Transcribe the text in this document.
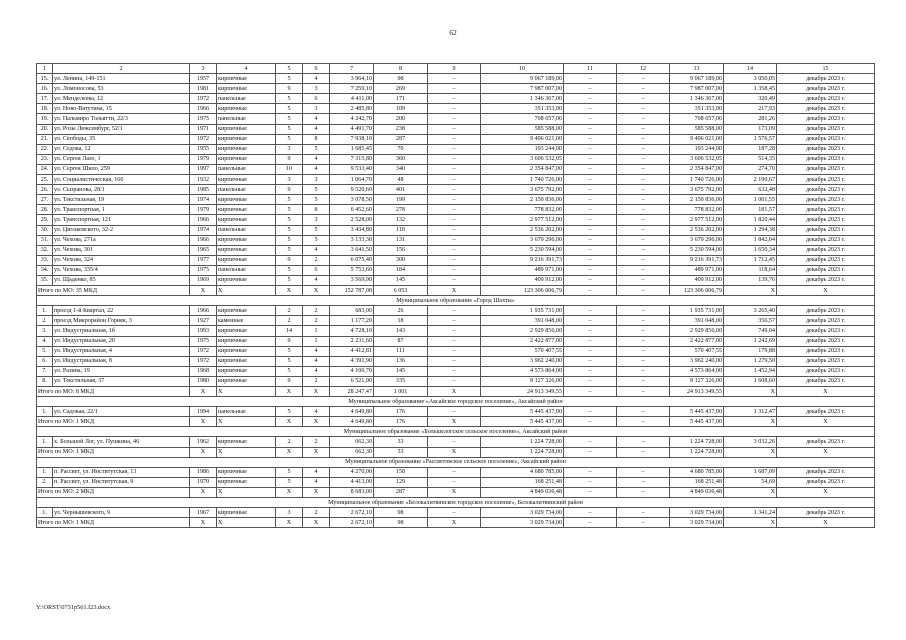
62
1	2	3	4	5	6	7	8	9	10	11	12	13	14	15
15.	ул. Ленина, 149-151	1957	кирпичные	5	4	3 964,10	98	–	9 067 189,00	–	–	9 067 189,00	3 050,05	декабрь 2023 г.
16.	ул. Ломоносова, 53	1981	кирпичные	9	3	7 259,10	269	–	7 987 007,00	–	–	7 987 007,00	1 358,45	декабрь 2023 г.
17.	ул. Менделеева, 12	1972	панельные	5	6	4 411,00	171	–	1 346 367,00	–	–	1 346 367,00	320,49	декабрь 2023 г.
18.	ул. Ново-Вятутина, 15	1966	кирпичные	5	3	2 485,80	109	–	351 353,00	–	–	351 353,00	217,93	декабрь 2023 г.
19.	ул. Пальмиро Тольятти, 22/3	1975	панельные	5	4	4 242,70	200	–	708 657,00	–	–	708 657,00	281,26	декабрь 2023 г.
20.	ул. Розы Люксембург, 52/1	1971	кирпичные	5	4	4 491,70	238	–	585 588,00	–	–	585 588,00	173,09	декабрь 2023 г.
21.	ул. Свободы, 35	1972	кирпичные	5	8	7 938,10	287	–	9 496 021,00	–	–	9 496 021,00	1 576,57	декабрь 2023 г.
22.	ул. Седова, 12	1955	кирпичные	3	5	1 685,45	70	–	193 244,00	–	–	193 244,00	187,28	декабрь 2023 г.
23.	ул. Сергея Лазо, 1	1979	кирпичные	9	4	7 315,80	360	–	3 606 532,05	–	–	3 606 532,05	514,35	декабрь 2023 г.
24.	ул. Сергея Шило, 259	1997	панельные	10	4	9 533,40	340	–	2 354 847,00	–	–	2 354 847,00	274,70	декабрь 2023 г.
25.	ул. Социалистическая, 160	1932	кирпичные	3	3	1 064,70	48	–	1 740 726,00	–	–	1 740 726,00	2 190,67	декабрь 2023 г.
26.	ул. Сызранова, 28/1	1985	панельные	9	5	9 520,60	401	–	3 675 792,00	–	–	3 675 792,00	632,48	декабрь 2023 г.
27.	ул. Текстильная, 19	1974	кирпичные	5	5	3 078,50	199	–	2 150 836,00	–	–	2 150 836,00	1 001,55	декабрь 2023 г.
28.	ул. Транспортная, 1	1979	кирпичные	5	8	6 452,60	278	–	778 832,00	–	–	778 832,00	181,57	декабрь 2023 г.
29.	ул. Транспортная, 121	1966	кирпичные	5	3	2 528,00	132	–	2 977 512,00	–	–	2 977 512,00	1 820,44	декабрь 2023 г.
30.	ул. Циолковского, 32-2	1974	панельные	5	5	3 434,80	118	–	2 536 202,00	–	–	2 536 202,00	1 294,38	декабрь 2023 г.
31.	ул. Чехова, 271а	1966	кирпичные	5	5	3 133,30	131	–	3 679 296,00	–	–	3 679 296,00	1 842,04	декабрь 2023 г.
32.	ул. Чехова, 301	1965	кирпичные	5	4	3 641,50	156	–	5 230 594,00	–	–	5 230 594,00	1 650,34	декабрь 2023 г.
33.	ул. Чехова, 324	1977	кирпичные	9	2	6 075,40	300	–	9 216 391,73	–	–	9 216 391,73	1 712,45	декабрь 2023 г.
34.	ул. Чехова, 335/4	1975	панельные	5	6	5 753,60	184	–	489 971,00	–	–	489 971,00	118,64	декабрь 2023 г.
35.	ул. Щаденко, 85	1969	кирпичные	5	4	3 569,90	145	–	409 912,00	–	–	409 912,00	139,76	декабрь 2023 г.
Итого по МО: 35 МКД		X	X	X	X	152 787,08	6 053	X	123 306 006,79	–	–	123 306 006,79	X	X
Муниципальное образование «Город Шахты»														
1.	проезд 1-й Квартал, 22	1966	кирпичные	2	2	683,00	26	–	1 935 731,00	–	–	1 935 731,00	3 265,40	декабрь 2023 г.
2.	проезд Микрорайон Горняк, 3	1927	каменные	2	2	1 177,20	18	–	391 048,00	–	–	391 048,00	356,57	декабрь 2023 г.
3.	ул. Индустриальная, 1б	1993	кирпичные	14	1	4 728,10	143	–	2 929 856,00	–	–	2 929 856,00	749,04	декабрь 2023 г.
4.	ул. Индустриальная, 20	1975	кирпичные	9	1	2 231,60	87	–	2 422 877,00	–	–	2 422 877,00	1 242,69	декабрь 2023 г.
5.	ул. Индустриальная, 4	1972	кирпичные	5	4	4 412,81	111	–	570 407,55	–	–	570 407,55	179,88	декабрь 2023 г.
6.	ул. Индустриальная, 8	1972	кирпичные	5	4	4 391,90	136	–	3 962 240,00	–	–	3 962 240,00	1 279,50	декабрь 2023 г.
7.	ул. Разина, 19	1968	кирпичные	5	4	4 100,70	145	–	4 573 864,00	–	–	4 573 864,00	1 452,94	декабрь 2023 г.
8.	ул. Текстильная, 37	1980	кирпичные	9	2	6 521,90	335	–	8 127 326,00	–	–	8 127 326,00	1 608,60	декабрь 2023 г.
Итого по МО: 8 МКД		X	X	X	X	28 247,47	1 001	X	24 913 349,55	–	–	24 913 349,55	X	X
Муниципальное образование «Аксайское городское поселение», Аксайский район														
1.	ул. Садовая, 22/1	1994	панельные	5	4	4 649,80	176	–	5 445 437,00	–	–	5 445 437,00	1 312,47	декабрь 2023 г.
Итого по МО: 1 МКД		X	X	X	X	4 649,80	176	X	5 445 437,00	–	–	5 445 437,00	X	X
Муниципальное образование «Большелогское сельское поселение», Аксайский район														
1.	х. Большой Лог, ул. Пушкина, 46	1962	кирпичные	2	2	662,30	33	–	1 224 728,00	–	–	1 224 728,00	3 032,26	декабрь 2023 г.
Итого по МО: 1 МКД		X	X	X	X	662,30	33	X	1 224 728,00	–	–	1 224 728,00	X	X
Муниципальное образование «Рассветовское сельское поселение», Аксайский район														
1.	п. Рассвет, ул. Институтская, 13	1986	кирпичные	5	4	4 270,00	158	–	4 680 785,00	–	–	4 680 785,00	1 687,09	декабрь 2023 г.
2.	п. Рассвет, ул. Институтская, 9	1970	кирпичные	5	4	4 413,00	129	–	168 251,48	–	–	168 251,48	54,69	декабрь 2023 г.
Итого по МО: 2 МКД		X	X	X	X	8 683,00	287	X	4 849 036,48	–	–	4 849 036,48	X	X
Муниципальное образование «Белокалитвинское городское поселение», Белокалитвинский район														
1.	ул. Чернышевского, 9	1967	кирпичные	3	2	2 672,10	98	–	3 029 734,00	–	–	3 029 734,00	1 341,24	декабрь 2023 г.
Итого по МО: 1 МКД		X	X	X	X	2 672,10	98	X	3 029 734,00	–	–	3 029 734,00	X	X
Y:\ORST\0731p561.f23.docx
